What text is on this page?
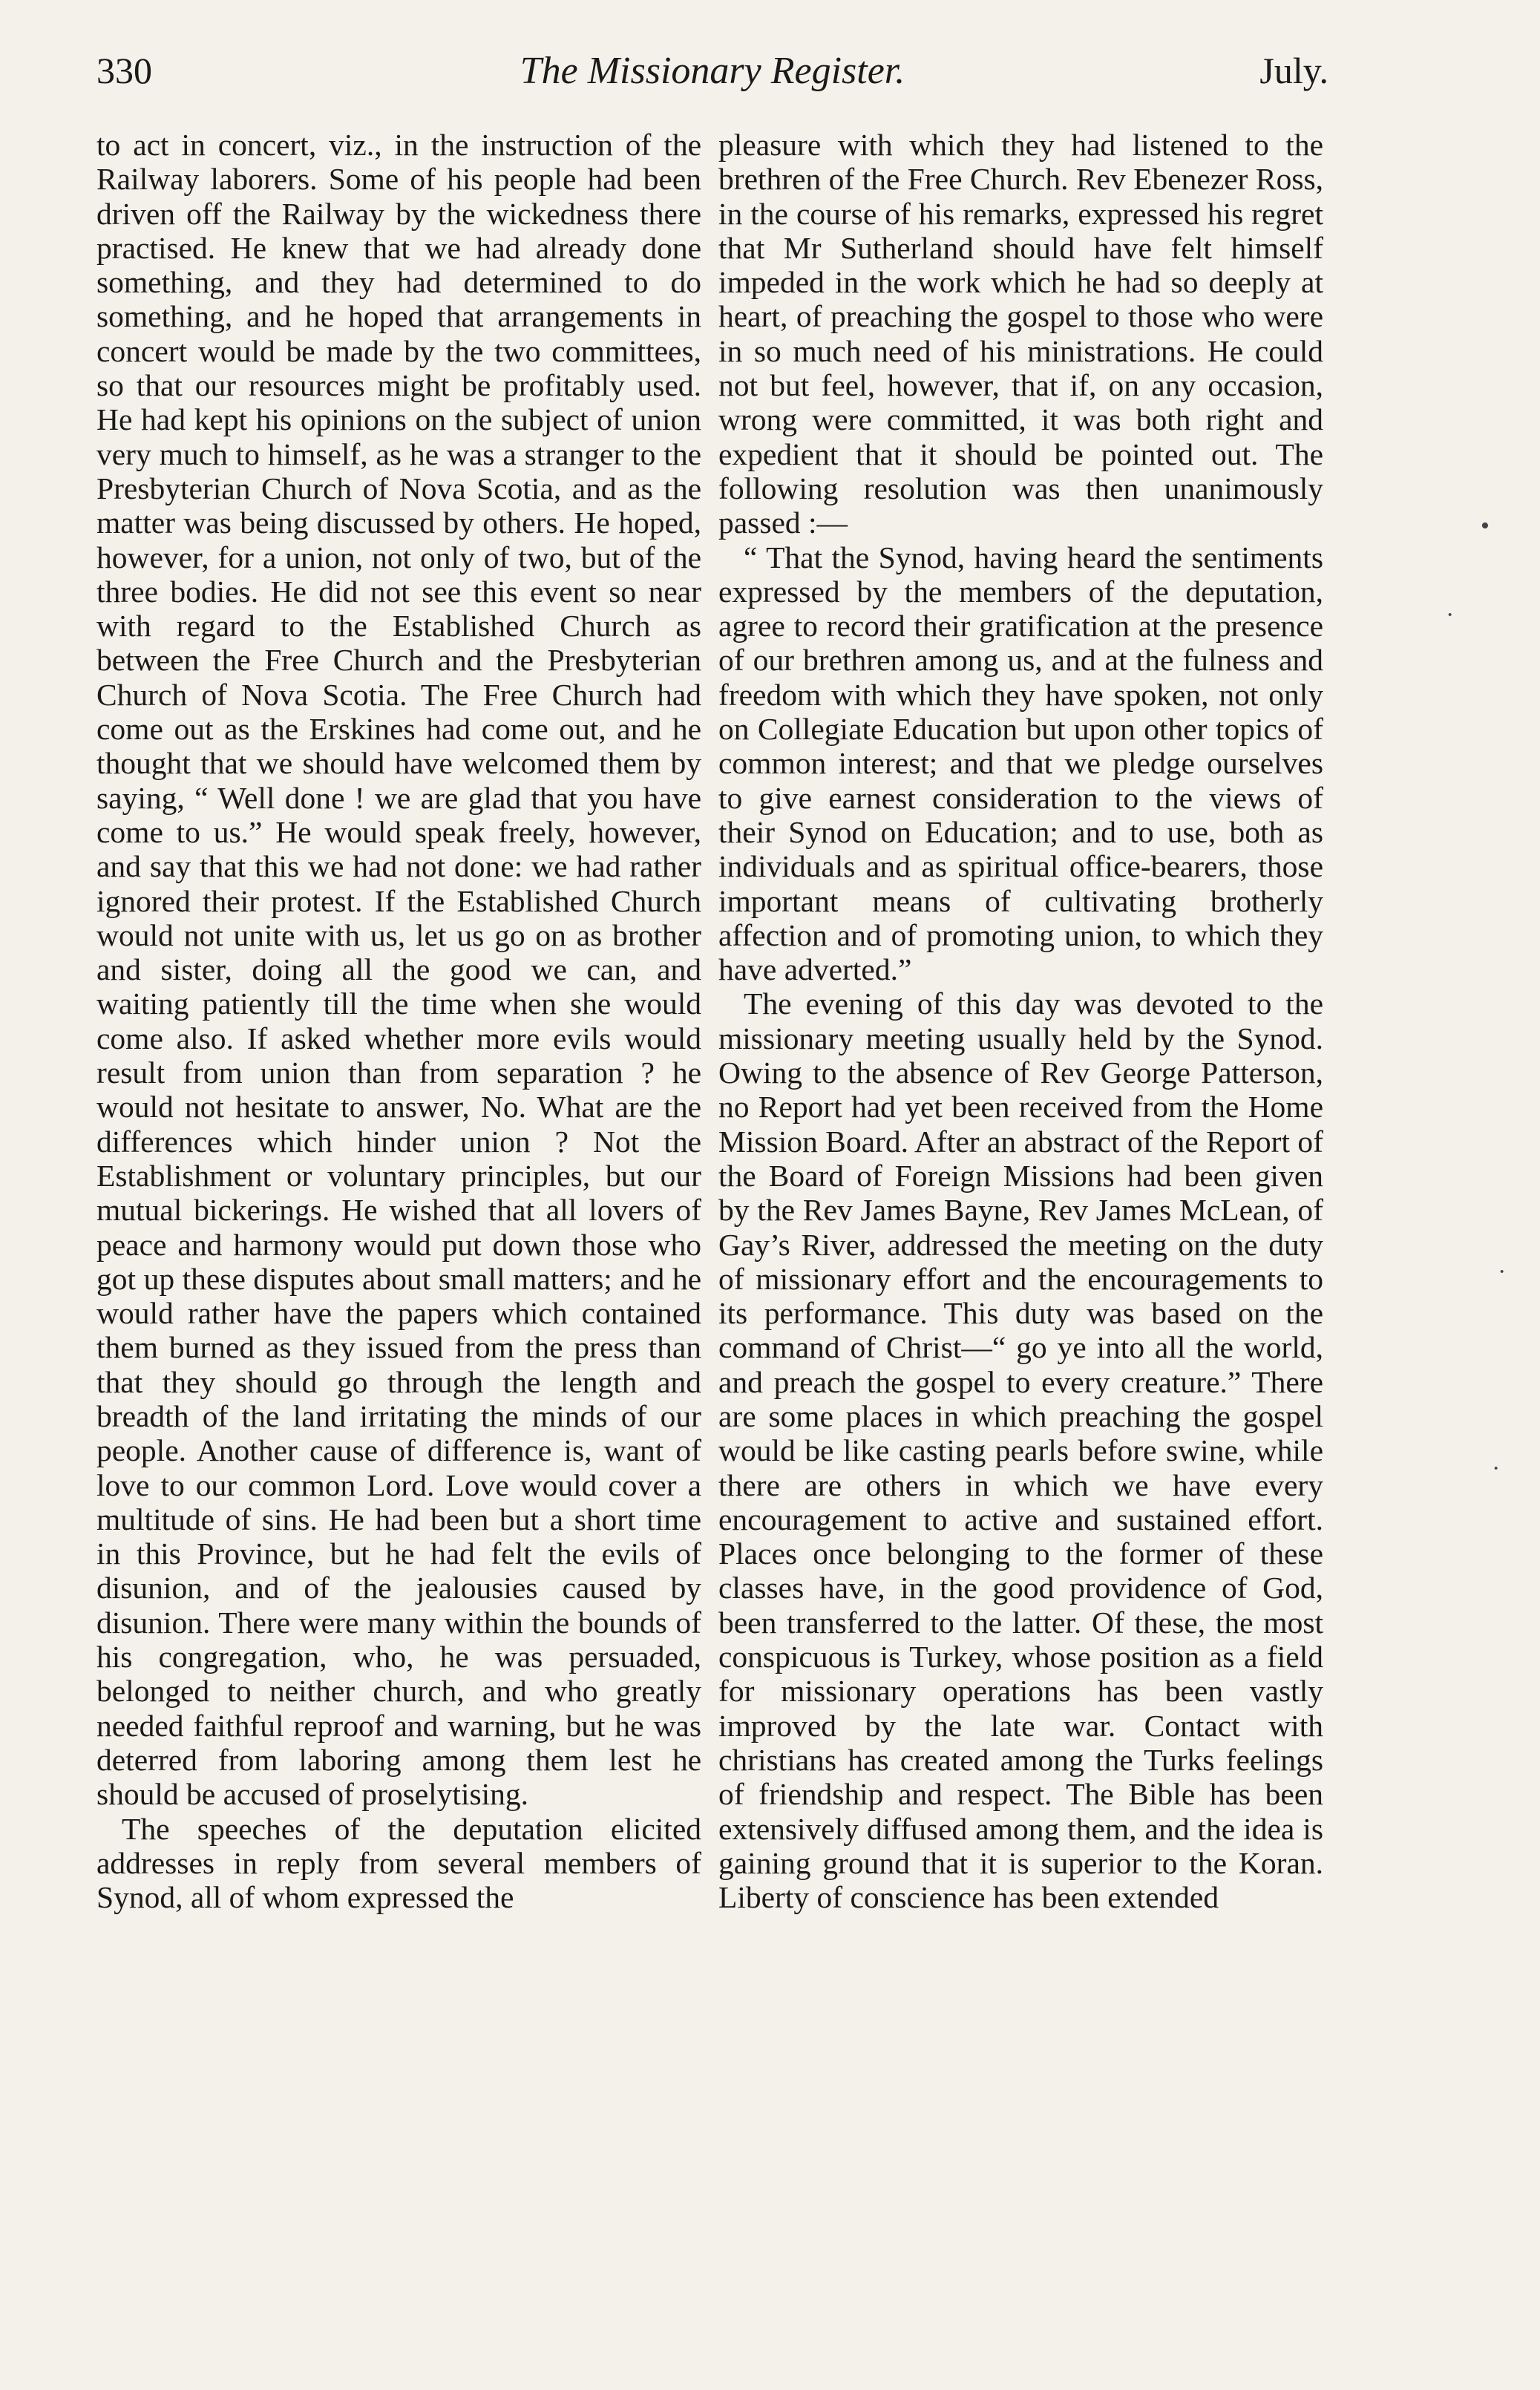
330	The Missionary Register.	July.

to act in concert, viz., in the instruction of the Railway laborers. Some of his people had been driven off the Railway by the wickedness there practised. He knew that we had already done something, and they had determined to do something, and he hoped that arrangements in concert would be made by the two committees, so that our resources might be profitably used. He had kept his opinions on the subject of union very much to himself, as he was a stranger to the Presbyterian Church of Nova Scotia, and as the matter was being discussed by others. He hoped, however, for a union, not only of two, but of the three bodies. He did not see this event so near with regard to the Established Church as between the Free Church and the Presbyterian Church of Nova Scotia. The Free Church had come out as the Erskines had come out, and he thought that we should have welcomed them by saying, “ Well done ! we are glad that you have come to us.” He would speak freely, however, and say that this we had not done: we had rather ignored their protest. If the Established Church would not unite with us, let us go on as brother and sister, doing all the good we can, and waiting patiently till the time when she would come also. If asked whether more evils would result from union than from separation ? he would not hesitate to answer, No. What are the differences which hinder union ? Not the Establishment or voluntary principles, but our mutual bickerings. He wished that all lovers of peace and harmony would put down those who got up these disputes about small matters; and he would rather have the papers which contained them burned as they issued from the press than that they should go through the length and breadth of the land irritating the minds of our people. Another cause of difference is, want of love to our common Lord. Love would cover a multitude of sins. He had been but a short time in this Province, but he had felt the evils of disunion, and of the jealousies caused by disunion. There were many within the bounds of his congregation, who, he was persuaded, belonged to neither church, and who greatly needed faithful reproof and warning, but he was deterred from laboring among them lest he should be accused of proselytising.

The speeches of the deputation elicited addresses in reply from several members of Synod, all of whom expressed the

pleasure with which they had listened to the brethren of the Free Church. Rev Ebenezer Ross, in the course of his remarks, expressed his regret that Mr Sutherland should have felt himself impeded in the work which he had so deeply at heart, of preaching the gospel to those who were in so much need of his ministrations. He could not but feel, however, that if, on any occasion, wrong were committed, it was both right and expedient that it should be pointed out. The following resolution was then unanimously passed :—

“ That the Synod, having heard the sentiments expressed by the members of the deputation, agree to record their gratification at the presence of our brethren among us, and at the fulness and freedom with which they have spoken, not only on Collegiate Education but upon other topics of common interest; and that we pledge ourselves to give earnest consideration to the views of their Synod on Education; and to use, both as individuals and as spiritual office-bearers, those important means of cultivating brotherly affection and of promoting union, to which they have adverted.”

The evening of this day was devoted to the missionary meeting usually held by the Synod. Owing to the absence of Rev George Patterson, no Report had yet been received from the Home Mission Board. After an abstract of the Report of the Board of Foreign Missions had been given by the Rev James Bayne, Rev James McLean, of Gay’s River, addressed the meeting on the duty of missionary effort and the encouragements to its performance. This duty was based on the command of Christ—“ go ye into all the world, and preach the gospel to every creature.” There are some places in which preaching the gospel would be like casting pearls before swine, while there are others in which we have every encouragement to active and sustained effort. Places once belonging to the former of these classes have, in the good providence of God, been transferred to the latter. Of these, the most conspicuous is Turkey, whose position as a field for missionary operations has been vastly improved by the late war. Contact with christians has created among the Turks feelings of friendship and respect. The Bible has been extensively diffused among them, and the idea is gaining ground that it is superior to the Koran. Liberty of conscience has been extended

•
·
·
·
